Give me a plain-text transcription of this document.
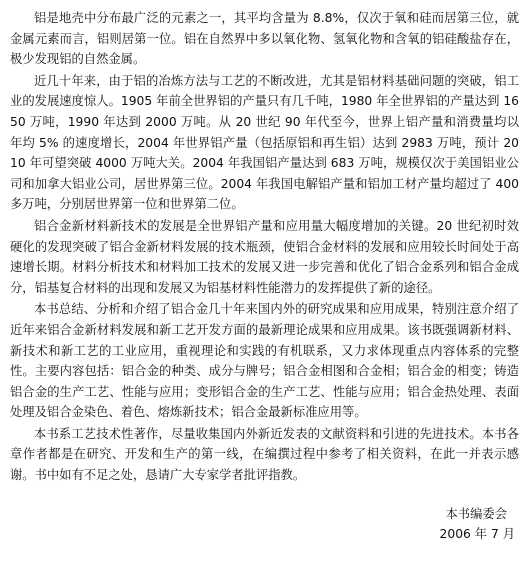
铝是地壳中分布最广泛的元素之一，其平均含量为 8.8%，仅次于氧和硅而居第三位，就金属元素而言，铝则居第一位。铝在自然界中多以氧化物、氢氧化物和含氧的铝硅酸盐存在，极少发现铝的自然金属。

近几十年来，由于铝的冶炼方法与工艺的不断改进，尤其是铝材料基础问题的突破，铝工业的发展速度惊人。1905 年前全世界铝的产量只有几千吨，1980 年全世界铝的产量达到 1650 万吨，1990 年达到 2000 万吨。从 20 世纪 90 年代至今，世界上铝产量和消费量均以年均 5% 的速度增长，2004 年世界铝产量（包括原铝和再生铝）达到 2983 万吨，预计 2010 年可望突破 4000 万吨大关。2004 年我国铝产量达到 683 万吨，规模仅次于美国铝业公司和加拿大铝业公司，居世界第三位。2004 年我国电解铝产量和铝加工材产量均超过了 400 多万吨，分别居世界第一位和世界第二位。

铝合金新材料新技术的发展是全世界铝产量和应用量大幅度增加的关键。20 世纪初时效硬化的发现突破了铝合金新材料发展的技术瓶颈，使铝合金材料的发展和应用较长时间处于高速增长期。材料分析技术和材料加工技术的发展又进一步完善和优化了铝合金系列和铝合金成分，铝基复合材料的出现和发展又为铝基材料性能潜力的发挥提供了新的途径。

本书总结、分析和介绍了铝合金几十年来国内外的研究成果和应用成果，特别注意介绍了近年来铝合金新材料发展和新工艺开发方面的最新理论成果和应用成果。该书既强调新材料、新技术和新工艺的工业应用，重视理论和实践的有机联系，又力求体现重点内容体系的完整性。主要内容包括：铝合金的种类、成分与牌号；铝合金相图和合金相；铝合金的相变；铸造铝合金的生产工艺、性能与应用；变形铝合金的生产工艺、性能与应用；铝合金热处理、表面处理及铝合金染色、着色、熔炼新技术；铝合金最新标准应用等。

本书系工艺技术性著作，尽量收集国内外新近发表的文献资料和引进的先进技术。本书各章作者都是在研究、开发和生产的第一线，在编撰过程中参考了相关资料，在此一并表示感谢。书中如有不足之处，恳请广大专家学者批评指教。

本书编委会
2006 年 7 月
